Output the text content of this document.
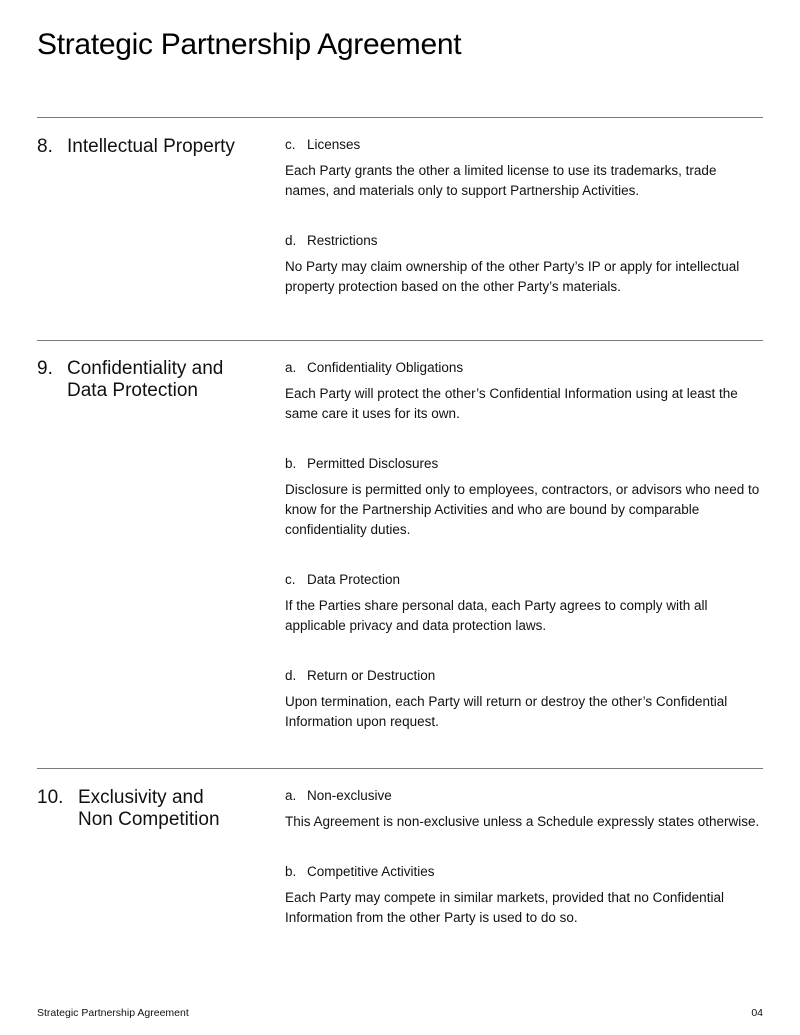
Strategic Partnership Agreement
8. Intellectual Property	c. Licenses

Each Party grants the other a limited license to use its trademarks, trade names, and materials only to support Partnership Activities.

d. Restrictions

No Party may claim ownership of the other Party’s IP or apply for intellectual property protection based on the other Party’s materials.

9. Confidentiality and Data Protection
a. Confidentiality Obligations

Each Party will protect the other’s Confidential Information using at least the same care it uses for its own.

b. Permitted Disclosures

Disclosure is permitted only to employees, contractors, or advisors who need to know for the Partnership Activities and who are bound by comparable confidentiality duties.

c. Data Protection

If the Parties share personal data, each Party agrees to comply with all applicable privacy and data protection laws.

d. Return or Destruction

Upon termination, each Party will return or destroy the other’s Confidential Information upon request.

10. Exclusivity and Non Competition
a. Non-exclusive

This Agreement is non-exclusive unless a Schedule expressly states otherwise.

b. Competitive Activities

Each Party may compete in similar markets, provided that no Confidential Information from the other Party is used to do so.

Strategic Partnership Agreement	04
